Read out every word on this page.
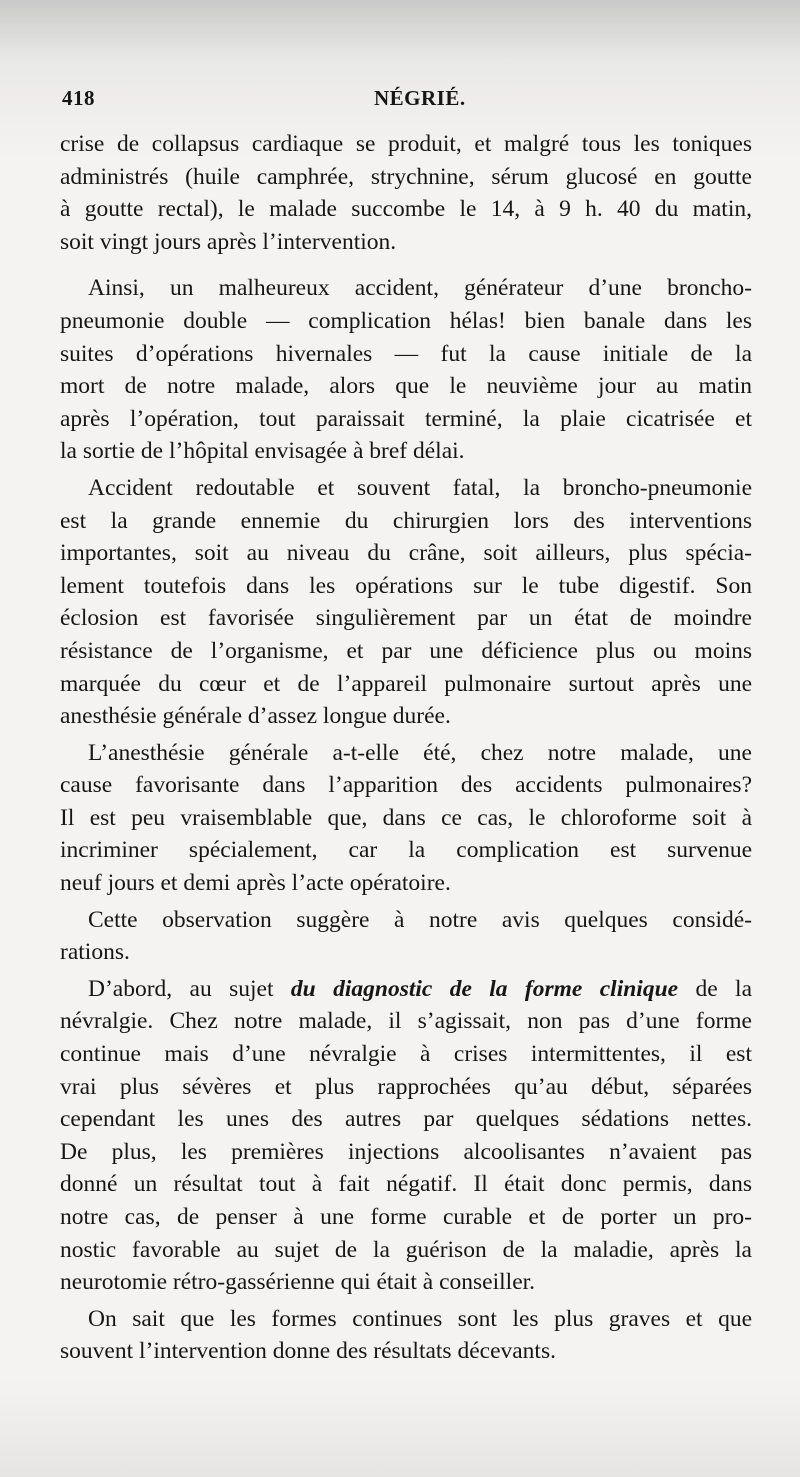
418	NÉGRIÉ.
crise de collapsus cardiaque se produit, et malgré tous les toniques
administrés (huile camphrée, strychnine, sérum glucosé en goutte
à goutte rectal), le malade succombe le 14, à 9 h. 40 du matin,
soit vingt jours après l’intervention.
Ainsi, un malheureux accident, générateur d’une broncho-
pneumonie double — complication hélas! bien banale dans les
suites d’opérations hivernales — fut la cause initiale de la
mort de notre malade, alors que le neuvième jour au matin
après l’opération, tout paraissait terminé, la plaie cicatrisée et
la sortie de l’hôpital envisagée à bref délai.
Accident redoutable et souvent fatal, la broncho-pneumonie
est la grande ennemie du chirurgien lors des interventions
importantes, soit au niveau du crâne, soit ailleurs, plus spécia-
lement toutefois dans les opérations sur le tube digestif. Son
éclosion est favorisée singulièrement par un état de moindre
résistance de l’organisme, et par une déficience plus ou moins
marquée du cœur et de l’appareil pulmonaire surtout après une
anesthésie générale d’assez longue durée.
L’anesthésie générale a-t-elle été, chez notre malade, une
cause favorisante dans l’apparition des accidents pulmonaires?
Il est peu vraisemblable que, dans ce cas, le chloroforme soit à
incriminer spécialement, car la complication est survenue
neuf jours et demi après l’acte opératoire.
Cette observation suggère à notre avis quelques considé-
rations.
D’abord, au sujet du diagnostic de la forme clinique de la
névralgie. Chez notre malade, il s’agissait, non pas d’une forme
continue mais d’une névralgie à crises intermittentes, il est
vrai plus sévères et plus rapprochées qu’au début, séparées
cependant les unes des autres par quelques sédations nettes.
De plus, les premières injections alcoolisantes n’avaient pas
donné un résultat tout à fait négatif. Il était donc permis, dans
notre cas, de penser à une forme curable et de porter un pro-
nostic favorable au sujet de la guérison de la maladie, après la
neurotomie rétro-gassérienne qui était à conseiller.
On sait que les formes continues sont les plus graves et que
souvent l’intervention donne des résultats décevants.
